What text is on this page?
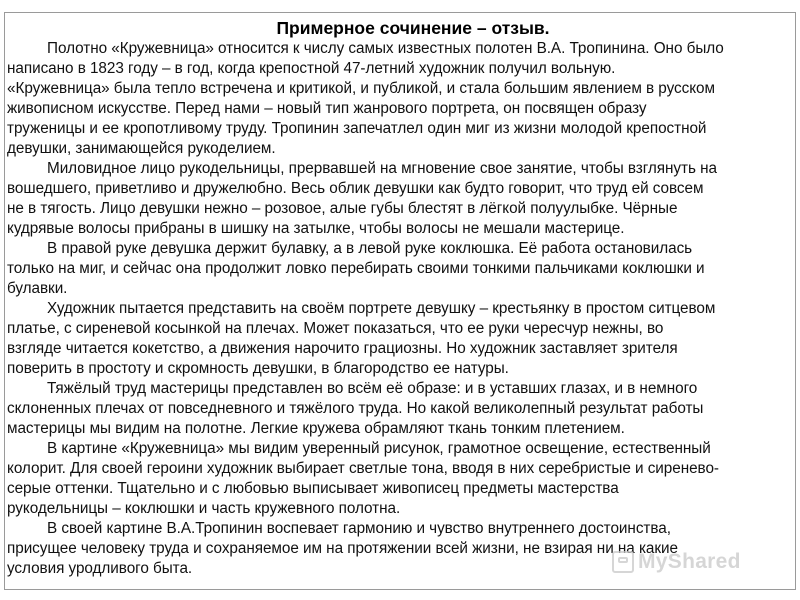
Примерное сочинение – отзыв.

Полотно «Кружевница» относится к числу самых известных полотен В.А. Тропинина. Оно было
написано в 1823 году – в год, когда крепостной 47-летний художник получил вольную.
«Кружевница» была тепло встречена и критикой, и публикой, и стала большим явлением в русском
живописном искусстве. Перед нами – новый тип жанрового портрета, он посвящен образу
труженицы и ее кропотливому труду. Тропинин запечатлел один миг из жизни молодой крепостной
девушки, занимающейся рукоделием.

Миловидное лицо рукодельницы, прервавшей на мгновение свое занятие, чтобы взглянуть на
вошедшего, приветливо и дружелюбно. Весь облик девушки как будто говорит, что труд ей совсем
не в тягость. Лицо девушки нежно – розовое, алые губы блестят в лёгкой полуулыбке. Чёрные
кудрявые волосы прибраны в шишку на затылке, чтобы волосы не мешали мастерице.

В правой руке девушка держит булавку, а в левой руке коклюшка. Её работа остановилась
только на миг, и сейчас она продолжит ловко перебирать своими тонкими пальчиками коклюшки и
булавки.

Художник пытается представить на своём портрете девушку – крестьянку в простом ситцевом
платье, с сиреневой косынкой на плечах. Может показаться, что ее руки чересчур нежны, во
взгляде читается кокетство, а движения нарочито грациозны. Но художник заставляет зрителя
поверить в простоту и скромность девушки, в благородство ее натуры.

Тяжёлый труд мастерицы представлен во всём её образе: и в уставших глазах, и в немного
склоненных плечах от повседневного и тяжёлого труда. Но какой великолепный результат работы
мастерицы мы видим на полотне. Легкие кружева обрамляют ткань тонким плетением.

В картине «Кружевница» мы видим уверенный рисунок, грамотное освещение, естественный
колорит. Для своей героини художник выбирает светлые тона, вводя в них серебристые и сиренево-
серые оттенки. Тщательно и с любовью выписывает живописец предметы мастерства
рукодельницы – коклюшки и часть кружевного полотна.

В своей картине В.А.Тропинин воспевает гармонию и чувство внутреннего достоинства,
присущее человеку труда и сохраняемое им на протяжении всей жизни, не взирая ни на какие
условия уродливого быта.	MyShared
